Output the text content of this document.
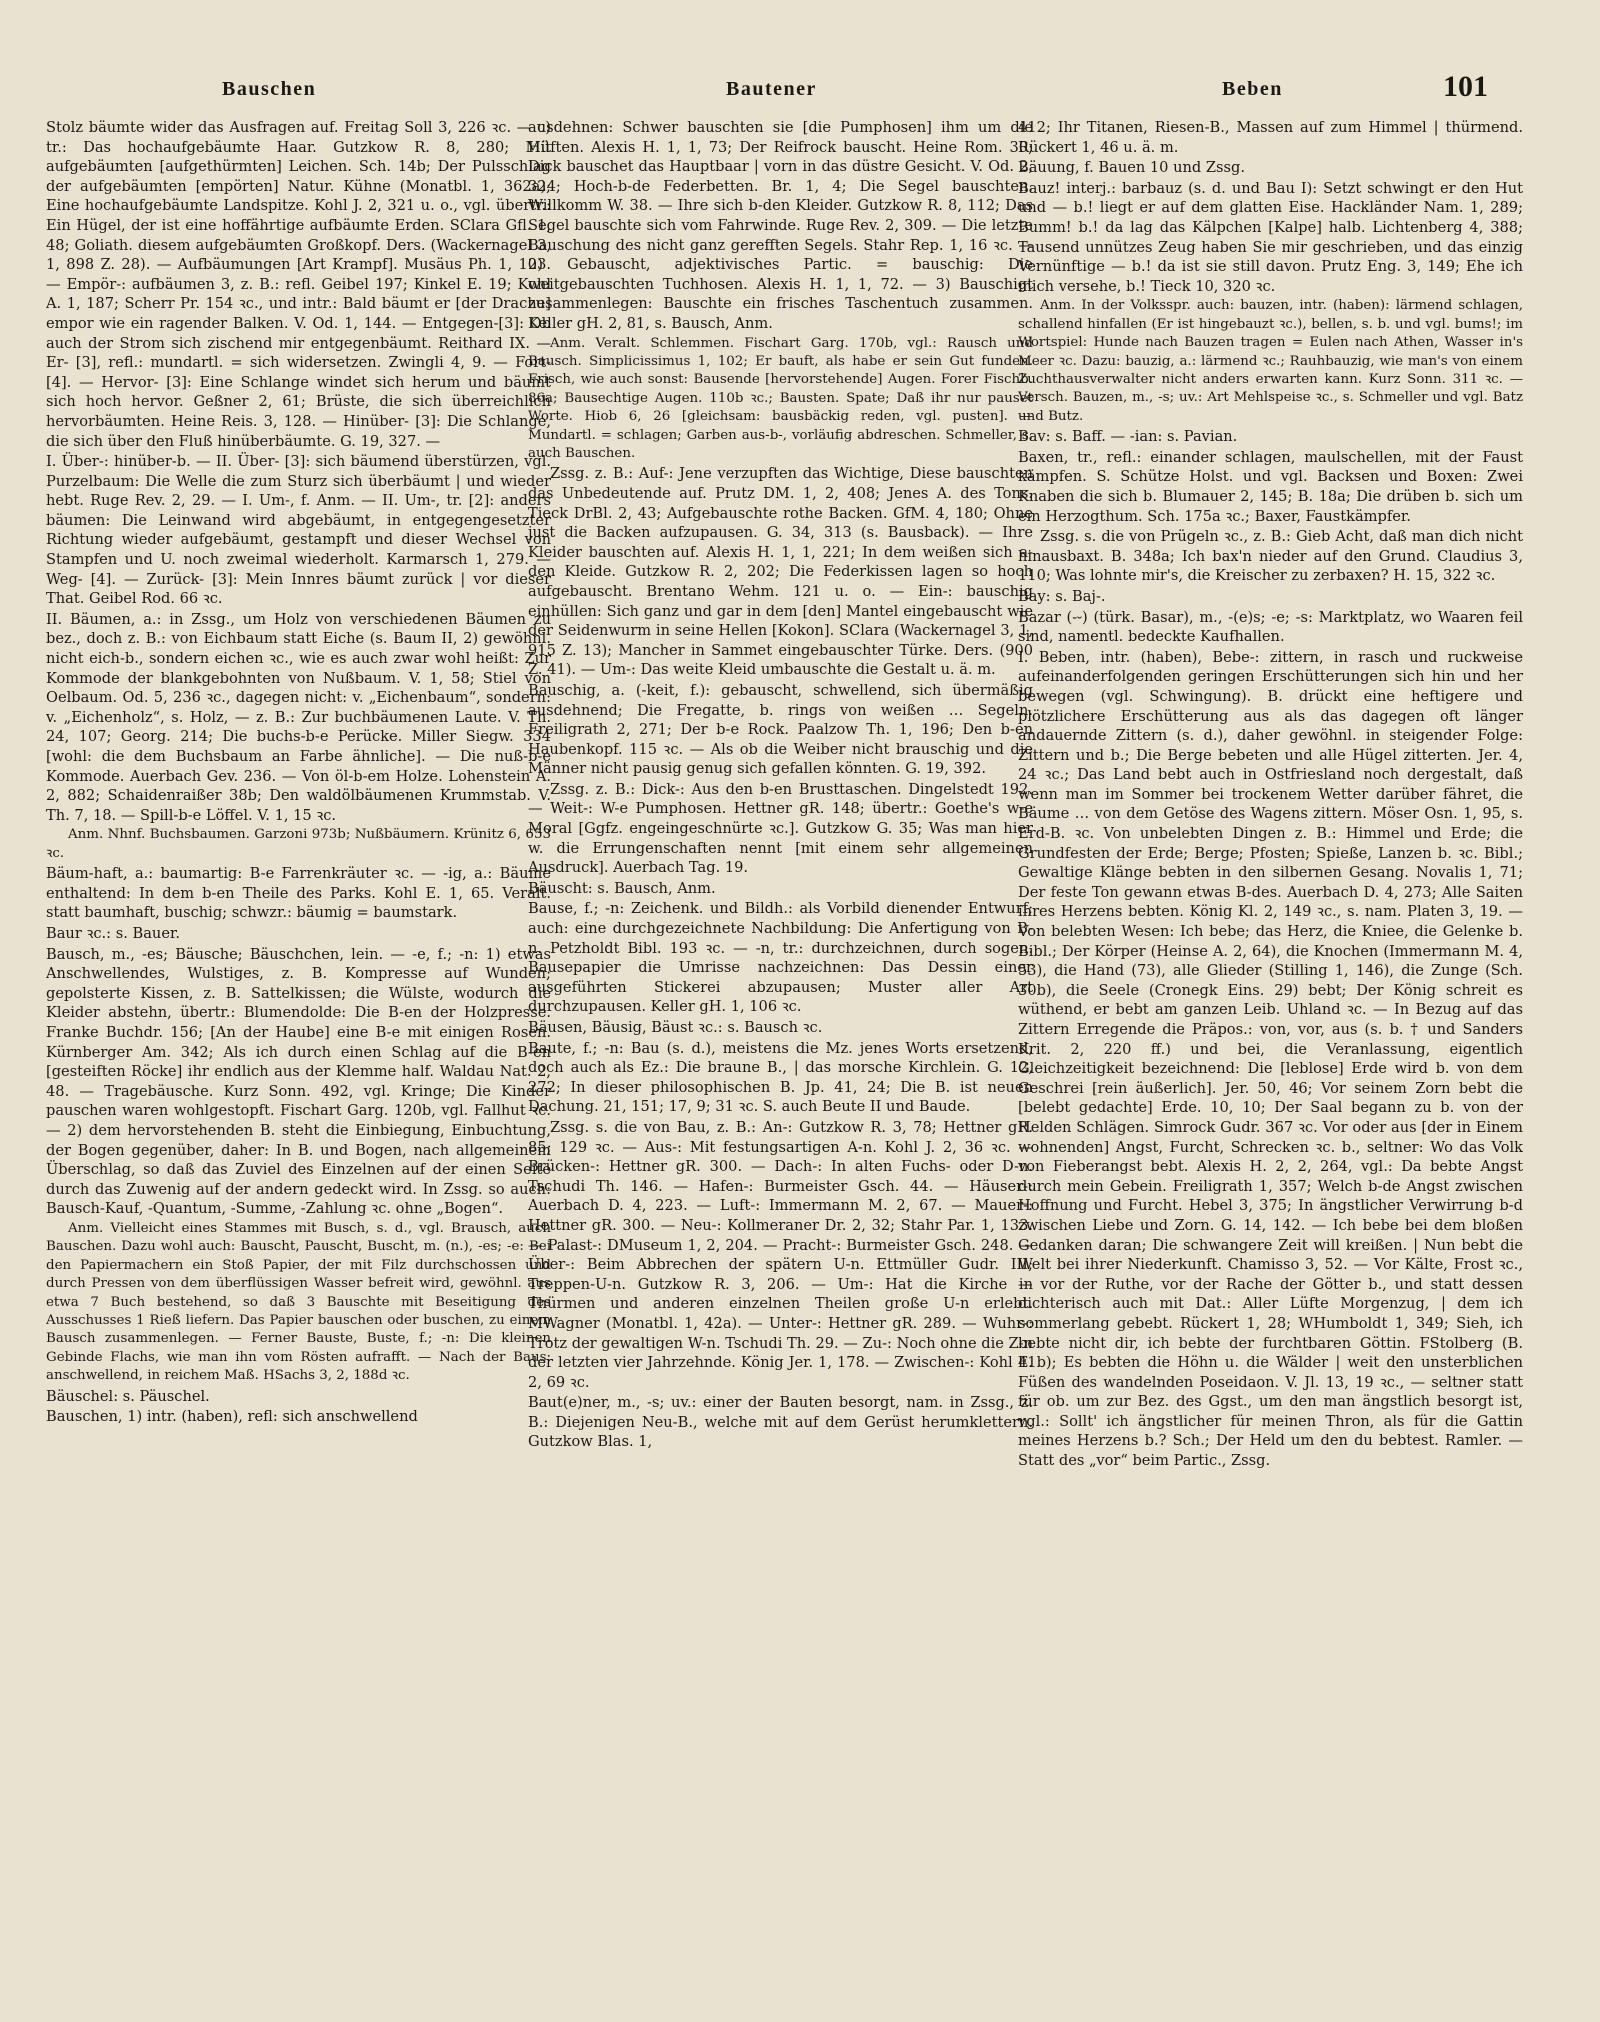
Bauschen	Bautener	Beben	101

Stolz bäumte wider das Ausfragen auf. Freitag Soll 3, 226 ꝛc. — c) tr.: Das hochaufgebäumte Haar. Gutzkow R. 8, 280; Mit aufgebäumten [aufgethürmten] Leichen. Sch. 14b; Der Pulsschlag der aufgebäumten [empörten] Natur. Kühne (Monatbl. 1, 362a); Eine hochaufgebäumte Landspitze. Kohl J. 2, 321 u. o., vgl. übertr.: Ein Hügel, der ist eine hoffährtige aufbäumte Erden. SClara Gfl. 1, 48; Goliath. diesem aufgebäumten Großkopf. Ders. (Wackernagel 3, 1, 898 Z. 28). — Aufbäumungen [Art Krampf]. Musäus Ph. 1, 103. — Empör-: aufbäumen 3, z. B.: refl. Geibel 197; Kinkel E. 19; Kohl A. 1, 187; Scherr Pr. 154 ꝛc., und intr.: Bald bäumt er [der Drache] empor wie ein ragender Balken. V. Od. 1, 144. — Entgegen-[3]: Ob auch der Strom sich zischend mir entgegenbäumt. Reithard IX. — Er- [3], refl.: mundartl. = sich widersetzen. Zwingli 4, 9. — Fort- [4]. — Hervor- [3]: Eine Schlange windet sich herum und bäumt sich hoch hervor. Geßner 2, 61; Brüste, die sich überreichlich hervorbäumten. Heine Reis. 3, 128. — Hinüber- [3]: Die Schlange, die sich über den Fluß hinüberbäumte. G. 19, 327. —

I. Über-: hinüber-b. — II. Über- [3]: sich bäumend überstürzen, vgl. Purzelbaum: Die Welle die zum Sturz sich überbäumt | und wieder hebt. Ruge Rev. 2, 29. — I. Um-, f. Anm. — II. Um-, tr. [2]: anders bäumen: Die Leinwand wird abgebäumt, in entgegengesetzter Richtung wieder aufgebäumt, gestampft und dieser Wechsel von Stampfen und U. noch zweimal wiederholt. Karmarsch 1, 279. — Weg- [4]. — Zurück- [3]: Mein Innres bäumt zurück | vor dieser That. Geibel Rod. 66 ꝛc.

II. Bäumen, a.: in Zssg., um Holz von verschiedenen Bäumen zu bez., doch z. B.: von Eichbaum statt Eiche (s. Baum II, 2) gewöhnl. nicht eich-b., sondern eichen ꝛc., wie es auch zwar wohl heißt: Zur Kommode der blankgebohnten von Nußbaum. V. 1, 58; Stiel von Oelbaum. Od. 5, 236 ꝛc., dagegen nicht: v. „Eichenbaum“, sondern: v. „Eichenholz“, s. Holz, — z. B.: Zur buchbäumenen Laute. V. Th. 24, 107; Georg. 214; Die buchs-b-e Perücke. Miller Siegw. 334 [wohl: die dem Buchsbaum an Farbe ähnliche]. — Die nuß-b-e Kommode. Auerbach Gev. 236. — Von öl-b-em Holze. Lohenstein A. 2, 882; Schaidenraißer 38b; Den waldölbäumenen Krummstab. V. Th. 7, 18. — Spill-b-e Löffel. V. 1, 15 ꝛc.

Anm. Nhnf. Buchsbaumen. Garzoni 973b; Nußbäumern. Krünitz 6, 653 ꝛc.

Bäum-haft, a.: baumartig: B-e Farrenkräuter ꝛc. — -ig, a.: Bäume enthaltend: In dem b-en Theile des Parks. Kohl E. 1, 65. Veralt. statt baumhaft, buschig; schwzr.: bäumig = baumstark.

Baur ꝛc.: s. Bauer.

Bausch, m., -es; Bäusche; Bäuschchen, lein. — -e, f.; -n: 1) etwas Anschwellendes, Wulstiges, z. B. Kompresse auf Wunden; gepolsterte Kissen, z. B. Sattelkissen; die Wülste, wodurch die Kleider abstehn, übertr.: Blumendolde: Die B-en der Holzpresse. Franke Buchdr. 156; [An der Haube] eine B-e mit einigen Rosen. Kürnberger Am. 342; Als ich durch einen Schlag auf die B-en [gesteiften Röcke] ihr endlich aus der Klemme half. Waldau Nat. 2, 48. — Tragebäusche. Kurz Sonn. 492, vgl. Kringe; Die Kinder pauschen waren wohlgestopft. Fischart Garg. 120b, vgl. Fallhut ꝛc. — 2) dem hervorstehenden B. steht die Einbiegung, Einbuchtung, der Bogen gegenüber, daher: In B. und Bogen, nach allgemeinem Überschlag, so daß das Zuviel des Einzelnen auf der einen Seite durch das Zuwenig auf der andern gedeckt wird. In Zssg. so auch: Bausch-Kauf, -Quantum, -Summe, -Zahlung ꝛc. ohne „Bogen“.

Anm. Vielleicht eines Stammes mit Busch, s. d., vgl. Brausch, auch Bauschen. Dazu wohl auch: Bauscht, Pauscht, Buscht, m. (n.), -es; -e: Bei den Papiermachern ein Stoß Papier, der mit Filz durchschossen und durch Pressen von dem überflüssigen Wasser befreit wird, gewöhnl. aus etwa 7 Buch bestehend, so daß 3 Bauschte mit Beseitigung des Ausschusses 1 Rieß liefern. Das Papier bauschen oder buschen, zu einem Bausch zusammenlegen. — Ferner Bauste, Buste, f.; -n: Die kleinen Gebinde Flachs, wie man ihn vom Rösten aufrafft. — Nach der Baus: anschwellend, in reichem Maß. HSachs 3, 2, 188d ꝛc.

Bäuschel: s. Päuschel.

Bauschen, 1) intr. (haben), refl: sich anschwellend

ausdehnen: Schwer bauschten sie [die Pumphosen] ihm um die Hüften. Alexis H. 1, 1, 73; Der Reifrock bauscht. Heine Rom. 30; Dick bauschet das Hauptbaar | vorn in das düstre Gesicht. V. Od. 2, 324; Hoch-b-de Federbetten. Br. 1, 4; Die Segel bauschten. Willkomm W. 38. — Ihre sich b-den Kleider. Gutzkow R. 8, 112; Das Segel bauschte sich vom Fahrwinde. Ruge Rev. 2, 309. — Die letzte Bauschung des nicht ganz gerefften Segels. Stahr Rep. 1, 16 ꝛc. — 2) Gebauscht, adjektivisches Partic. = bauschig: Die weitgebauschten Tuchhosen. Alexis H. 1, 1, 72. — 3) Bauschigt zusammenlegen: Bauschte ein frisches Taschentuch zusammen. Keller gH. 2, 81, s. Bausch, Anm.

Anm. Veralt. Schlemmen. Fischart Garg. 170b, vgl.: Rausch und Bausch. Simplicissimus 1, 102; Er bauft, als habe er sein Gut funden. Frisch, wie auch sonst: Bausende [hervorstehende] Augen. Forer Fischb. 86a; Bausechtige Augen. 110b ꝛc.; Bausten. Spate; Daß ihr nur pauset Worte. Hiob 6, 26 [gleichsam: bausbäckig reden, vgl. pusten]. — Mundartl. = schlagen; Garben aus-b-, vorläufig abdreschen. Schmeller, s. auch Bauschen.

Zssg. z. B.: Auf-: Jene verzupften das Wichtige, Diese bauschten das Unbedeutende auf. Prutz DM. 1, 2, 408; Jenes A. des Tons. Tieck DrBl. 2, 43; Aufgebauschte rothe Backen. GfM. 4, 180; Ohne just die Backen aufzupausen. G. 34, 313 (s. Bausback). — Ihre Kleider bauschten auf. Alexis H. 1, 1, 221; In dem weißen sich a-den Kleide. Gutzkow R. 2, 202; Die Federkissen lagen so hoch aufgebauscht. Brentano Wehm. 121 u. o. — Ein-: bauschig einhüllen: Sich ganz und gar in dem [den] Mantel eingebauscht wie der Seidenwurm in seine Hellen [Kokon]. SClara (Wackernagel 3, 1, 915 Z. 13); Mancher in Sammet eingebauschter Türke. Ders. (900 Z. 41). — Um-: Das weite Kleid umbauschte die Gestalt u. ä. m.

Bauschig, a. (-keit, f.): gebauscht, schwellend, sich übermäßig ausdehnend; Die Fregatte, b. rings von weißen … Segeln. Freiligrath 2, 271; Der b-e Rock. Paalzow Th. 1, 196; Den b-en Haubenkopf. 115 ꝛc. — Als ob die Weiber nicht brauschig und die Männer nicht pausig genug sich gefallen könnten. G. 19, 392.

Zssg. z. B.: Dick-: Aus den b-en Brusttaschen. Dingelstedt 192. — Weit-: W-e Pumphosen. Hettner gR. 148; übertr.: Goethe's w-e Moral [Ggfz. engeingeschnürte ꝛc.]. Gutzkow G. 35; Was man hier w. die Errungenschaften nennt [mit einem sehr allgemeinen Ausdruck]. Auerbach Tag. 19.

Bäuscht: s. Bausch, Anm.

Bause, f.; -n: Zeichenk. und Bildh.: als Vorbild dienender Entwurf; auch: eine durchgezeichnete Nachbildung: Die Anfertigung von B-n. Petzholdt Bibl. 193 ꝛc. — -n, tr.: durchzeichnen, durch sogen. Bausepapier die Umrisse nachzeichnen: Das Dessin einer ausgeführten Stickerei abzupausen; Muster aller Art durchzupausen. Keller gH. 1, 106 ꝛc.

Bäusen, Bäusig, Bäust ꝛc.: s. Bausch ꝛc.

Baute, f.; -n: Bau (s. d.), meistens die Mz. jenes Worts ersetzend, doch auch als Ez.: Die braune B., | das morsche Kirchlein. G. 12, 272; In dieser philosophischen B. Jp. 41, 24; Die B. ist neuen Dachung. 21, 151; 17, 9; 31 ꝛc. S. auch Beute II und Baude.

Zssg. s. die von Bau, z. B.: An-: Gutzkow R. 3, 78; Hettner gR. 85; 129 ꝛc. — Aus-: Mit festungsartigen A-n. Kohl J. 2, 36 ꝛc. — Brücken-: Hettner gR. 300. — Dach-: In alten Fuchs- oder D-n. Tschudi Th. 146. — Hafen-: Burmeister Gsch. 44. — Häuser-: Auerbach D. 4, 223. — Luft-: Immermann M. 2, 67. — Mauer-: Hettner gR. 300. — Neu-: Kollmeraner Dr. 2, 32; Stahr Par. 1, 133. — Palast-: DMuseum 1, 2, 204. — Pracht-: Burmeister Gsch. 248. — Über-: Beim Abbrechen der spätern U-n. Ettmüller Gudr. III; Treppen-U-n. Gutzkow R. 3, 206. — Um-: Hat die Kirche in Thürmen und anderen einzelnen Theilen große U-n erlebt. MWagner (Monatbl. 1, 42a). — Unter-: Hettner gR. 289. — Wuhr-: Trotz der gewaltigen W-n. Tschudi Th. 29. — Zu-: Noch ohne die Z-n der letzten vier Jahrzehnde. König Jer. 1, 178. — Zwischen-: Kohl E. 2, 69 ꝛc.

Baut(e)ner, m., -s; uv.: einer der Bauten besorgt, nam. in Zssg., z. B.: Diejenigen Neu-B., welche mit auf dem Gerüst herumklettern. Gutzkow Blas. 1,

412; Ihr Titanen, Riesen-B., Massen auf zum Himmel | thürmend. Rückert 1, 46 u. ä. m.

Bäuung, f. Bauen 10 und Zssg.

Bauz! interj.: barbauz (s. d. und Bau I): Setzt schwingt er den Hut und — b.! liegt er auf dem glatten Eise. Hackländer Nam. 1, 289; Bumm! b.! da lag das Kälpchen [Kalpe] halb. Lichtenberg 4, 388; Tausend unnützes Zeug haben Sie mir geschrieben, und das einzig Vernünftige — b.! da ist sie still davon. Prutz Eng. 3, 149; Ehe ich mich versehe, b.! Tieck 10, 320 ꝛc.

Anm. In der Volksspr. auch: bauzen, intr. (haben): lärmend schlagen, schallend hinfallen (Er ist hingebauzt ꝛc.), bellen, s. b. und vgl. bums!; im Wortspiel: Hunde nach Bauzen tragen = Eulen nach Athen, Wasser in's Meer ꝛc. Dazu: bauzig, a.: lärmend ꝛc.; Rauhbauzig, wie man's von einem Zuchthausverwalter nicht anders erwarten kann. Kurz Sonn. 311 ꝛc. — Versch. Bauzen, m., -s; uv.: Art Mehlspeise ꝛc., s. Schmeller und vgl. Batz und Butz.

Bav: s. Baff. — -ian: s. Pavian.

Baxen, tr., refl.: einander schlagen, maulschellen, mit der Faust kämpfen. S. Schütze Holst. und vgl. Backsen und Boxen: Zwei Knaben die sich b. Blumauer 2, 145; B. 18a; Die drüben b. sich um ein Herzogthum. Sch. 175a ꝛc.; Baxer, Faustkämpfer.

Zssg. s. die von Prügeln ꝛc., z. B.: Gieb Acht, daß man dich nicht hinausbaxt. B. 348a; Ich bax'n nieder auf den Grund. Claudius 3, 110; Was lohnte mir's, die Kreischer zu zerbaxen? H. 15, 322 ꝛc.

Bay: s. Baj-.

Bazar (-⏑) (türk. Basar), m., -(e)s; -e; -s: Marktplatz, wo Waaren feil sind, namentl. bedeckte Kaufhallen.

I. Beben, intr. (haben), Bebe-: zittern, in rasch und ruckweise aufeinanderfolgenden geringen Erschütterungen sich hin und her bewegen (vgl. Schwingung). B. drückt eine heftigere und plötzlichere Erschütterung aus als das dagegen oft länger andauernde Zittern (s. d.), daher gewöhnl. in steigender Folge: Zittern und b.; Die Berge bebeten und alle Hügel zitterten. Jer. 4, 24 ꝛc.; Das Land bebt auch in Ostfriesland noch dergestalt, daß wenn man im Sommer bei trockenem Wetter darüber fähret, die Bäume … von dem Getöse des Wagens zittern. Möser Osn. 1, 95, s. Erd-B. ꝛc. Von unbelebten Dingen z. B.: Himmel und Erde; die Grundfesten der Erde; Berge; Pfosten; Spieße, Lanzen b. ꝛc. Bibl.; Gewaltige Klänge bebten in den silbernen Gesang. Novalis 1, 71; Der feste Ton gewann etwas B-des. Auerbach D. 4, 273; Alle Saiten ihres Herzens bebten. König Kl. 2, 149 ꝛc., s. nam. Platen 3, 19. — Von belebten Wesen: Ich bebe; das Herz, die Kniee, die Gelenke b. Bibl.; Der Körper (Heinse A. 2, 64), die Knochen (Immermann M. 4, 53), die Hand (73), alle Glieder (Stilling 1, 146), die Zunge (Sch. 30b), die Seele (Cronegk Eins. 29) bebt; Der König schreit es wüthend, er bebt am ganzen Leib. Uhland ꝛc. — In Bezug auf das Zittern Erregende die Präpos.: von, vor, aus (s. b. † und Sanders Krit. 2, 220 ff.) und bei, die Veranlassung, eigentlich Gleichzeitigkeit bezeichnend: Die [leblose] Erde wird b. von dem Geschrei [rein äußerlich]. Jer. 50, 46; Vor seinem Zorn bebt die [belebt gedachte] Erde. 10, 10; Der Saal begann zu b. von der Helden Schlägen. Simrock Gudr. 367 ꝛc. Vor oder aus [der in Einem wohnenden] Angst, Furcht, Schrecken ꝛc. b., seltner: Wo das Volk von Fieberangst bebt. Alexis H. 2, 2, 264, vgl.: Da bebte Angst durch mein Gebein. Freiligrath 1, 357; Welch b-de Angst zwischen Hoffnung und Furcht. Hebel 3, 375; In ängstlicher Verwirrung b-d zwischen Liebe und Zorn. G. 14, 142. — Ich bebe bei dem bloßen Gedanken daran; Die schwangere Zeit will kreißen. | Nun bebt die Welt bei ihrer Niederkunft. Chamisso 3, 52. — Vor Kälte, Frost ꝛc., — vor der Ruthe, vor der Rache der Götter b., und statt dessen dichterisch auch mit Dat.: Aller Lüfte Morgenzug, | dem ich sommerlang gebebt. Rückert 1, 28; WHumboldt 1, 349; Sieh, ich bebte nicht dir, ich bebte der furchtbaren Göttin. FStolberg (B. 41b); Es bebten die Höhn u. die Wälder | weit den unsterblichen Füßen des wandelnden Poseidaon. V. Jl. 13, 19 ꝛc., — seltner statt für ob. um zur Bez. des Ggst., um den man ängstlich besorgt ist, vgl.: Sollt' ich ängstlicher für meinen Thron, als für die Gattin meines Herzens b.? Sch.; Der Held um den du bebtest. Ramler. — Statt des „vor“ beim Partic., Zssg.
